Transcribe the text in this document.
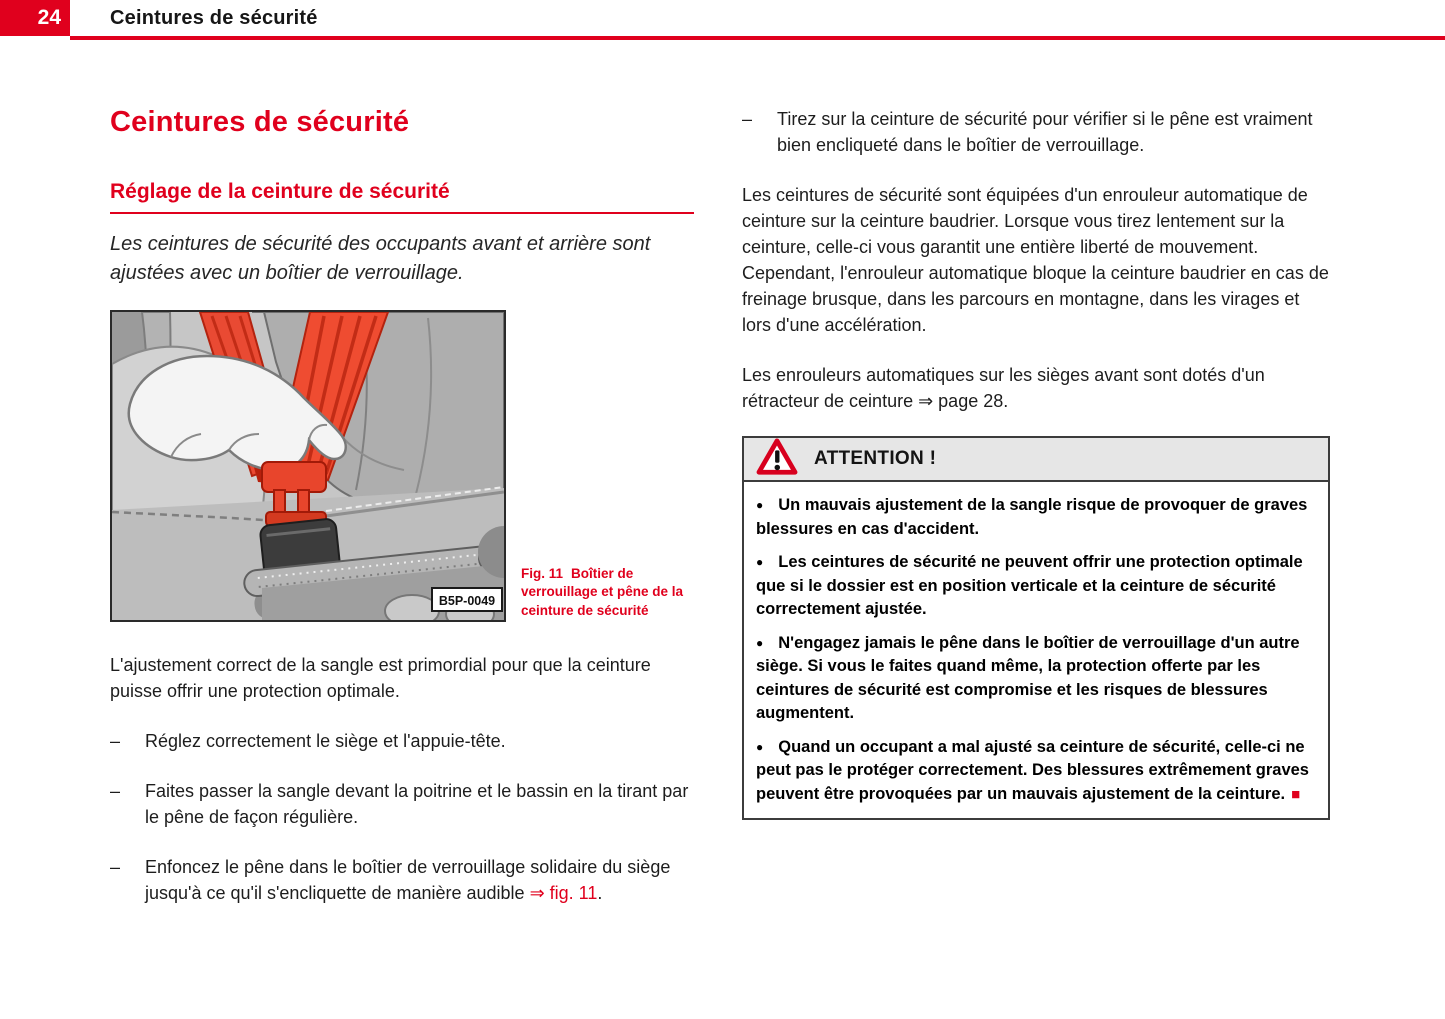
24 Ceintures de sécurité
Ceintures de sécurité
Réglage de la ceinture de sécurité

Les ceintures de sécurité des occupants avant et arrière sont ajustées avec un boîtier de verrouillage.

B5P-0049
Fig. 11 Boîtier de verrouillage et pêne de la ceinture de sécurité

L'ajustement correct de la sangle est primordial pour que la ceinture puisse offrir une protection optimale.

–	Réglez correctement le siège et l'appuie-tête.
–	Faites passer la sangle devant la poitrine et le bassin en la tirant par le pêne de façon régulière.
–	Enfoncez le pêne dans le boîtier de verrouillage solidaire du siège jusqu'à ce qu'il s'encliquette de manière audible ⇒ fig. 11.
–	Tirez sur la ceinture de sécurité pour vérifier si le pêne est vraiment bien encliqueté dans le boîtier de verrouillage.

Les ceintures de sécurité sont équipées d'un enrouleur automatique de ceinture sur la ceinture baudrier. Lorsque vous tirez lentement sur la ceinture, celle-ci vous garantit une entière liberté de mouvement. Cependant, l'enrouleur automatique bloque la ceinture baudrier en cas de freinage brusque, dans les parcours en montagne, dans les virages et lors d'une accélération.

Les enrouleurs automatiques sur les sièges avant sont dotés d'un rétracteur de ceinture ⇒ page 28.

ATTENTION !

● Un mauvais ajustement de la sangle risque de provoquer de graves blessures en cas d'accident.

● Les ceintures de sécurité ne peuvent offrir une protection optimale que si le dossier est en position verticale et la ceinture de sécurité correctement ajustée.

● N'engagez jamais le pêne dans le boîtier de verrouillage d'un autre siège. Si vous le faites quand même, la protection offerte par les ceintures de sécurité est compromise et les risques de blessures augmentent.

● Quand un occupant a mal ajusté sa ceinture de sécurité, celle-ci ne peut pas le protéger correctement. Des blessures extrêmement graves peuvent être provoquées par un mauvais ajustement de la ceinture. ■
